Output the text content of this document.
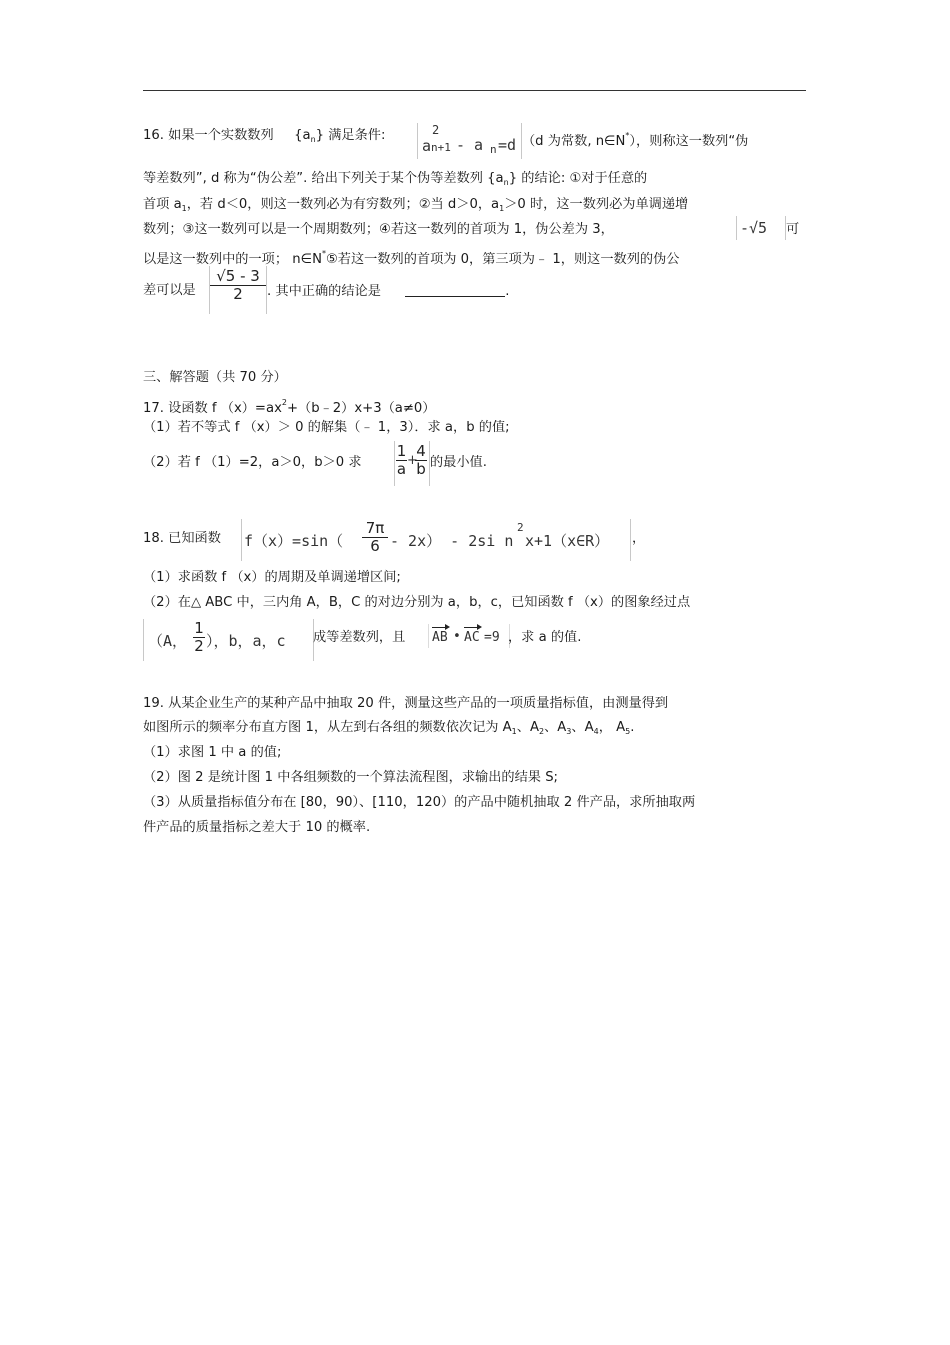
16. 如果一个实数数列 $\{a_n\}$ 满足条件:
a
2
n+1 - a n =d （d 为常数, n∈N*），则称这一数列“伪
等差数列”, d 称为“伪公差”. 给出下列关于某个伪等差数列 $\{a_n\}$ 的结论: ①对于任意的
首项 $a_1$，若 d＜0，则这一数列必为有穷数列；②当 d＞0，$a_1>0$ 时，这一数列必为单调递增
数列；③这一数列可以是一个周期数列；④若这一数列的首项为 1，伪公差为 3，	-√5 可
以是这一数列中的一项； n∈N*⑤若这一数列的首项为 0，第三项为﹣ 1，则这一数列的伪公
差可以是
√5 - 3
2 . 其中正确的结论是	.
三、解答题（共 70 分）
17. 设函数 f $(x)=ax^2+(b﹣2)x+3(a\ne 0)$
（1）若不等式 f （x）＞ 0 的解集（﹣ 1，3）．求 a，b 的值;
（2）若 f （1）=2，a＞0，b＞0 求
1
a +
4
b 的最小值.
18. 已知函数 f（x）=sin（
7π
6 - 2x） - 2si n
2
x+1（x∈R） ，
（1）求函数 f （x）的周期及单调递增区间;
（2）在△ ABC 中，三内角 A，B，C 的对边分别为 a，b，c，已知函数 f （x）的图象经过点
（A，
1
2 ），b，a，c 成等差数列，且 AB • AC =9 ，求 a 的值.
19. 从某企业生产的某种产品中抽取 20 件，测量这些产品的一项质量指标值，由测量得到
如图所示的频率分布直方图 1，从左到右各组的频数依次记为 $A_1$、$A_2$、$A_3$、$A_4$， $A_5$.
（1）求图 1 中 a 的值;
（2）图 2 是统计图 1 中各组频数的一个算法流程图，求输出的结果 S;
（3）从质量指标值分布在 [80，90）、[110，120）的产品中随机抽取 2 件产品，求所抽取两
件产品的质量指标之差大于 10 的概率.
